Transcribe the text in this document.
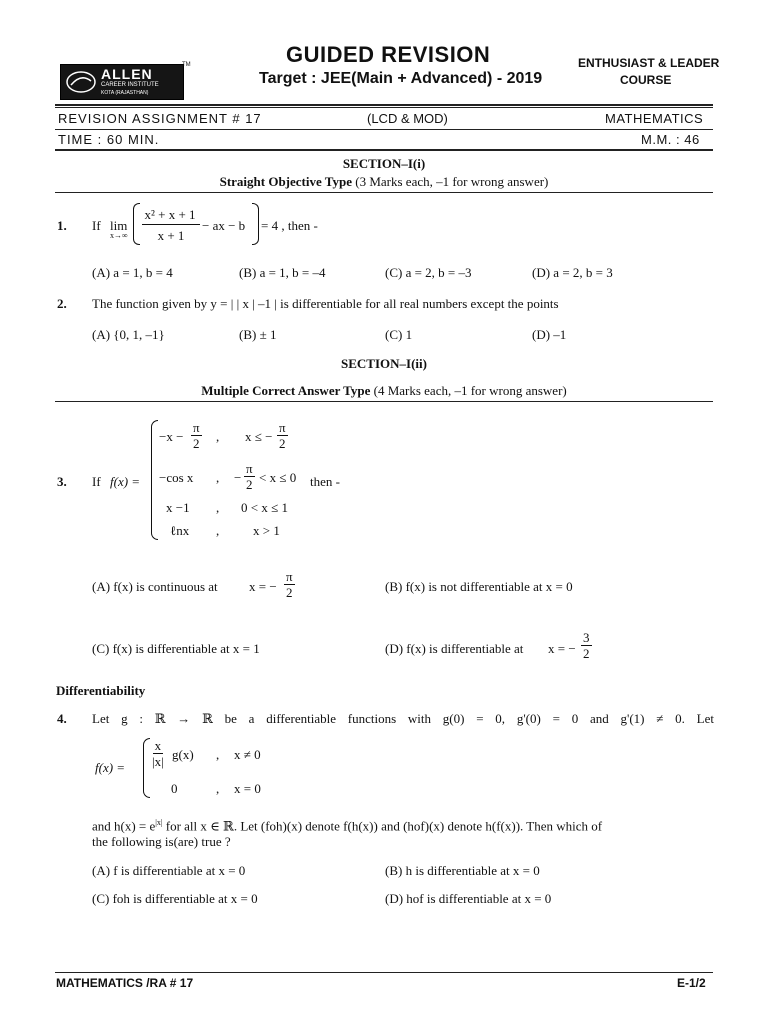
ALLEN
CAREER INSTITUTE
KOTA (RAJASTHAN)
TM	GUIDED REVISION
Target : JEE(Main + Advanced) - 2019
ENTHUSIAST & LEADER
COURSE
REVISION ASSIGNMENT # 17	(LCD & MOD)	MATHEMATICS
TIME : 60 MIN.	M.M. : 46
SECTION–I(i)
Straight Objective Type (3 Marks each, –1 for wrong answer)
1. If lim
x→∞
x² + x + 1
x + 1
− ax − b = 4 , then -
(A) a = 1, b = 4	(B) a = 1, b = –4	(C) a = 2, b = –3	(D) a = 2, b = 3
2. The function given by y = | | x | –1 | is differentiable for all real numbers except the points
(A) {0, 1, –1}	(B) ± 1	(C) 1	(D) –1
SECTION–I(ii)
Multiple Correct Answer Type (4 Marks each, –1 for wrong answer)
3. If f(x) =
$-x - \frac{\pi}{2}$ , x ≤ − $\frac{\pi}{2}$
−cos x , − $\frac{\pi}{2} < x \le 0$
x −1 , 0 < x ≤ 1
ℓnx ,	x > 1
then -
(A) f(x) is continuous at x = − $\frac{\pi}{2}$	(B) f(x) is not differentiable at x = 0
(C) f(x) is differentiable at x = 1	(D) f(x) is differentiable at x = − $\frac{3}{2}$
Differentiability
4. Let g : ℝ → ℝ be a differentiable functions with g(0) = 0, g'(0) = 0 and g'(1) ≠ 0. Let
$f(x) = \frac{x}{|x|} g(x)$ , x ≠ 0
0	, x = 0
and $h(x) = e^{|x|}$ for all x ∈ ℝ. Let (foh)(x) denote f(h(x)) and (hof)(x) denote h(f(x)). Then which of
the following is(are) true ?
(A) f is differentiable at x = 0	(B) h is differentiable at x = 0
(C) foh is differentiable at x = 0	(D) hof is differentiable at x = 0
MATHEMATICS /RA # 17	E-1/2
